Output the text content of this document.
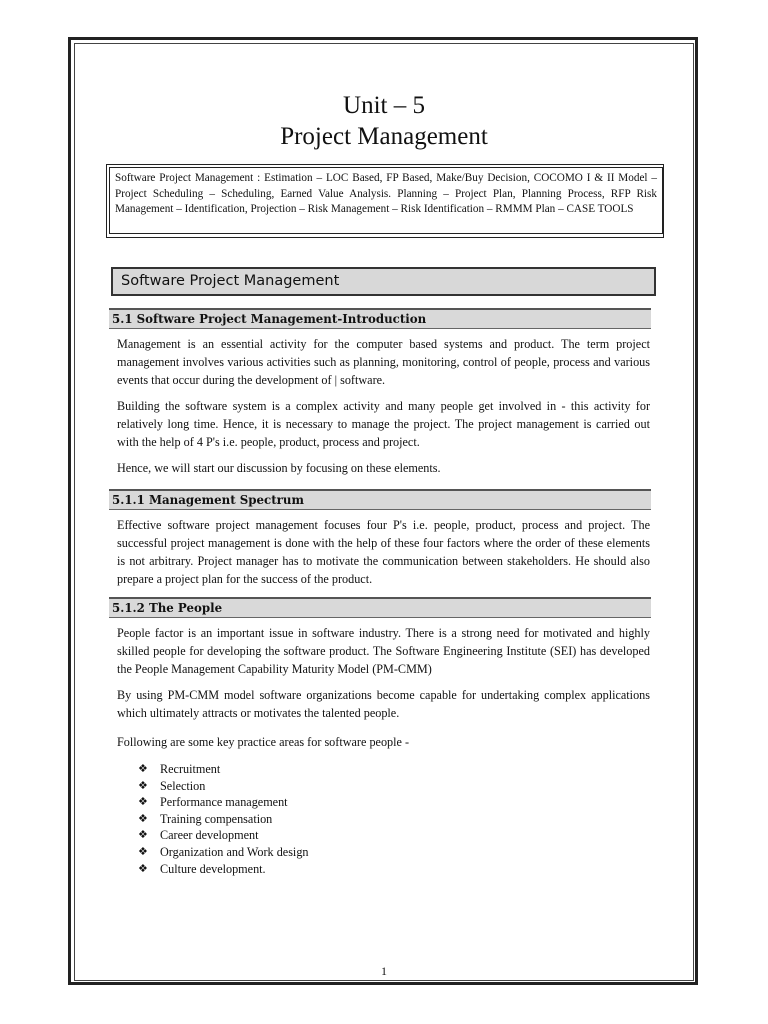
Unit – 5
Project Management
Software Project Management : Estimation – LOC Based, FP Based, Make/Buy Decision, COCOMO I & II Model – Project Scheduling – Scheduling, Earned Value Analysis. Planning – Project Plan, Planning Process, RFP Risk Management – Identification, Projection – Risk Management – Risk Identification – RMMM Plan – CASE TOOLS
Software Project Management
5.1 Software Project Management-Introduction

Management is an essential activity for the computer based systems and product. The term project management involves various activities such as planning, monitoring, control of people, process and various events that occur during the development of | software.

Building the software system is a complex activity and many people get involved in - this activity for relatively long time. Hence, it is necessary to manage the project. The project management is carried out with the help of 4 P's i.e. people, product, process and project.

Hence, we will start our discussion by focusing on these elements.

5.1.1 Management Spectrum

Effective software project management focuses four P's i.e. people, product, process and project. The successful project management is done with the help of these four factors where the order of these elements is not arbitrary. Project manager has to motivate the communication between stakeholders. He should also prepare a project plan for the success of the product.

5.1.2 The People

People factor is an important issue in software industry. There is a strong need for motivated and highly skilled people for developing the software product. The Software Engineering Institute (SEI) has developed the People Management Capability Maturity Model (PM-CMM)

By using PM-CMM model software organizations become capable for undertaking complex applications which ultimately attracts or motivates the talented people.

Following are some key practice areas for software people -

❖ Recruitment
❖ Selection
❖ Performance management
❖ Training compensation
❖ Career development
❖ Organization and Work design
❖ Culture development.
1
